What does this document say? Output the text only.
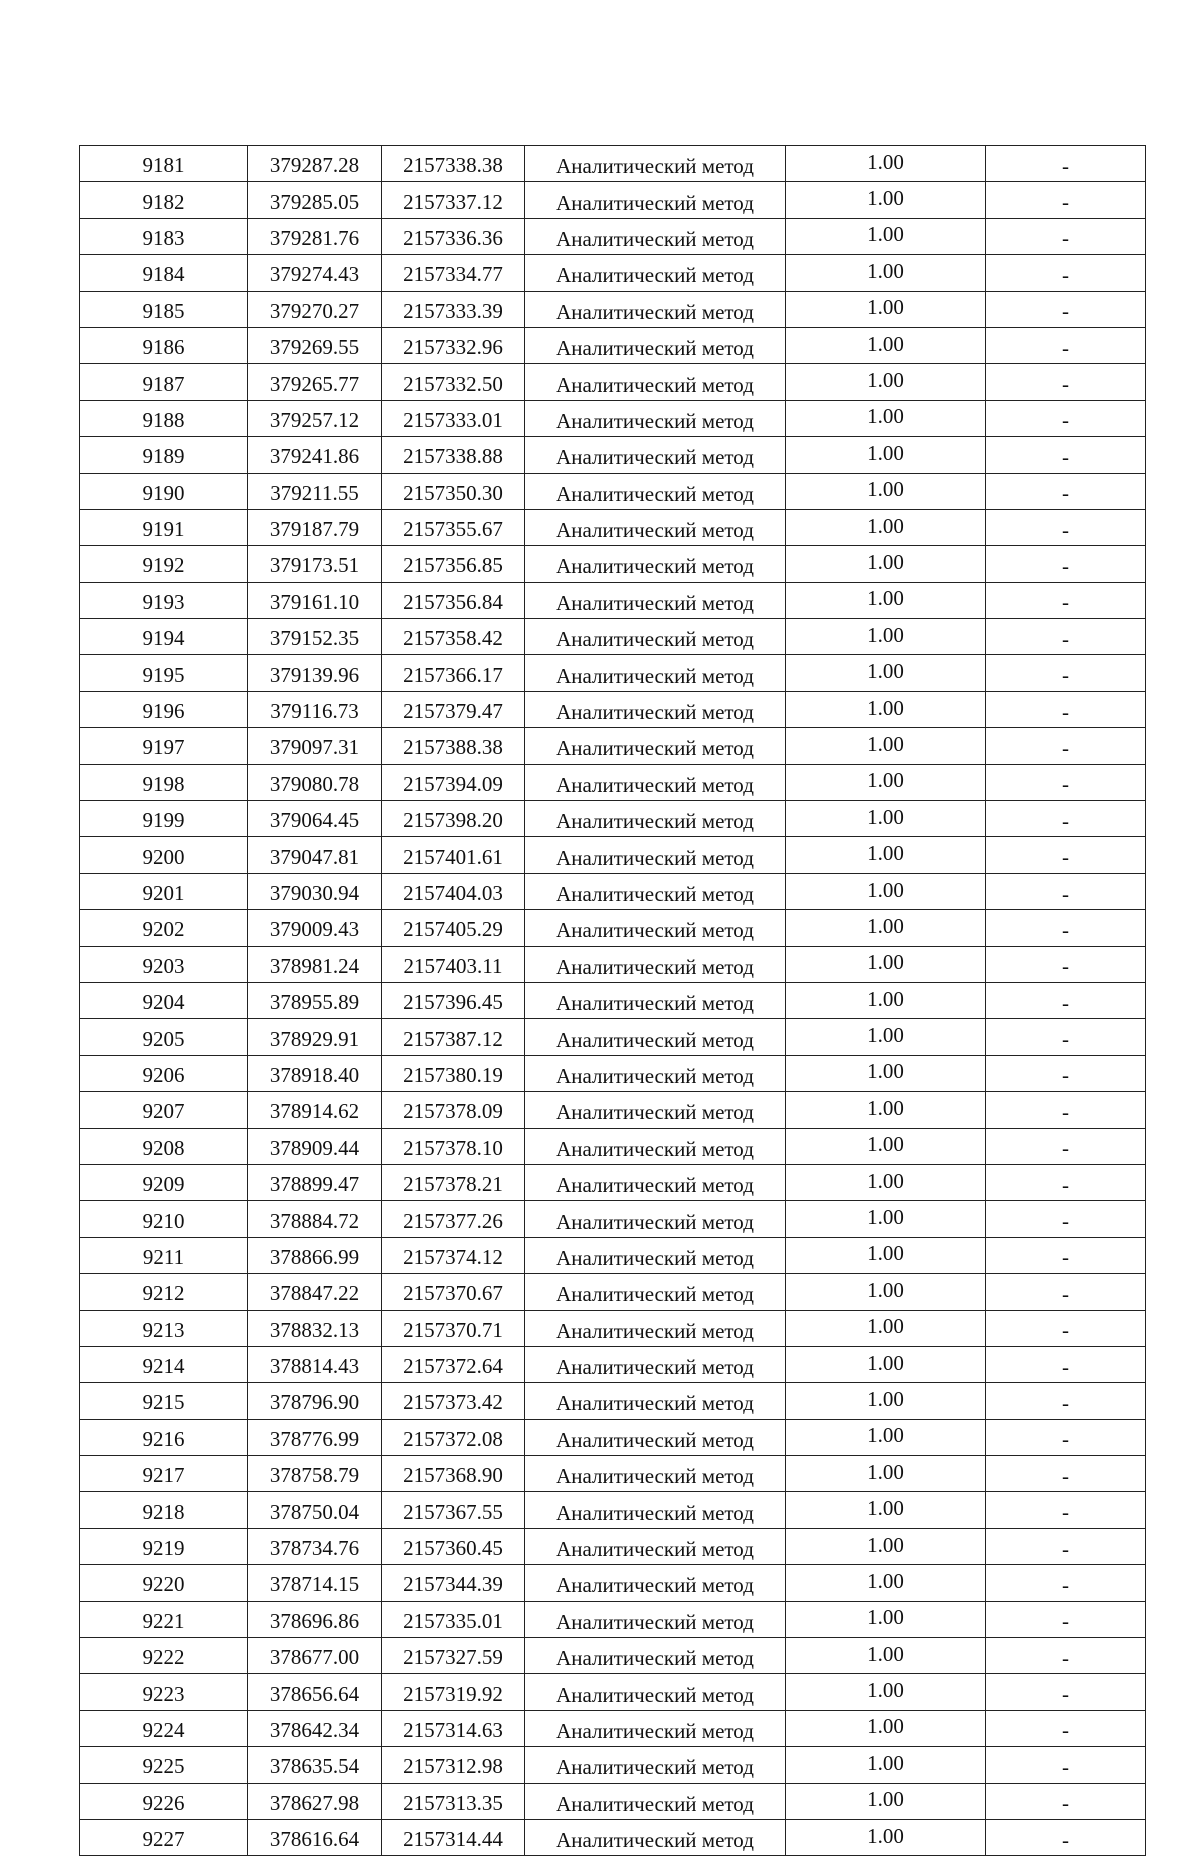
9181	379287.28	2157338.38	Аналитический метод	1.00	-
9182	379285.05	2157337.12	Аналитический метод	1.00	-
9183	379281.76	2157336.36	Аналитический метод	1.00	-
9184	379274.43	2157334.77	Аналитический метод	1.00	-
9185	379270.27	2157333.39	Аналитический метод	1.00	-
9186	379269.55	2157332.96	Аналитический метод	1.00	-
9187	379265.77	2157332.50	Аналитический метод	1.00	-
9188	379257.12	2157333.01	Аналитический метод	1.00	-
9189	379241.86	2157338.88	Аналитический метод	1.00	-
9190	379211.55	2157350.30	Аналитический метод	1.00	-
9191	379187.79	2157355.67	Аналитический метод	1.00	-
9192	379173.51	2157356.85	Аналитический метод	1.00	-
9193	379161.10	2157356.84	Аналитический метод	1.00	-
9194	379152.35	2157358.42	Аналитический метод	1.00	-
9195	379139.96	2157366.17	Аналитический метод	1.00	-
9196	379116.73	2157379.47	Аналитический метод	1.00	-
9197	379097.31	2157388.38	Аналитический метод	1.00	-
9198	379080.78	2157394.09	Аналитический метод	1.00	-
9199	379064.45	2157398.20	Аналитический метод	1.00	-
9200	379047.81	2157401.61	Аналитический метод	1.00	-
9201	379030.94	2157404.03	Аналитический метод	1.00	-
9202	379009.43	2157405.29	Аналитический метод	1.00	-
9203	378981.24	2157403.11	Аналитический метод	1.00	-
9204	378955.89	2157396.45	Аналитический метод	1.00	-
9205	378929.91	2157387.12	Аналитический метод	1.00	-
9206	378918.40	2157380.19	Аналитический метод	1.00	-
9207	378914.62	2157378.09	Аналитический метод	1.00	-
9208	378909.44	2157378.10	Аналитический метод	1.00	-
9209	378899.47	2157378.21	Аналитический метод	1.00	-
9210	378884.72	2157377.26	Аналитический метод	1.00	-
9211	378866.99	2157374.12	Аналитический метод	1.00	-
9212	378847.22	2157370.67	Аналитический метод	1.00	-
9213	378832.13	2157370.71	Аналитический метод	1.00	-
9214	378814.43	2157372.64	Аналитический метод	1.00	-
9215	378796.90	2157373.42	Аналитический метод	1.00	-
9216	378776.99	2157372.08	Аналитический метод	1.00	-
9217	378758.79	2157368.90	Аналитический метод	1.00	-
9218	378750.04	2157367.55	Аналитический метод	1.00	-
9219	378734.76	2157360.45	Аналитический метод	1.00	-
9220	378714.15	2157344.39	Аналитический метод	1.00	-
9221	378696.86	2157335.01	Аналитический метод	1.00	-
9222	378677.00	2157327.59	Аналитический метод	1.00	-
9223	378656.64	2157319.92	Аналитический метод	1.00	-
9224	378642.34	2157314.63	Аналитический метод	1.00	-
9225	378635.54	2157312.98	Аналитический метод	1.00	-
9226	378627.98	2157313.35	Аналитический метод	1.00	-
9227	378616.64	2157314.44	Аналитический метод	1.00	-
